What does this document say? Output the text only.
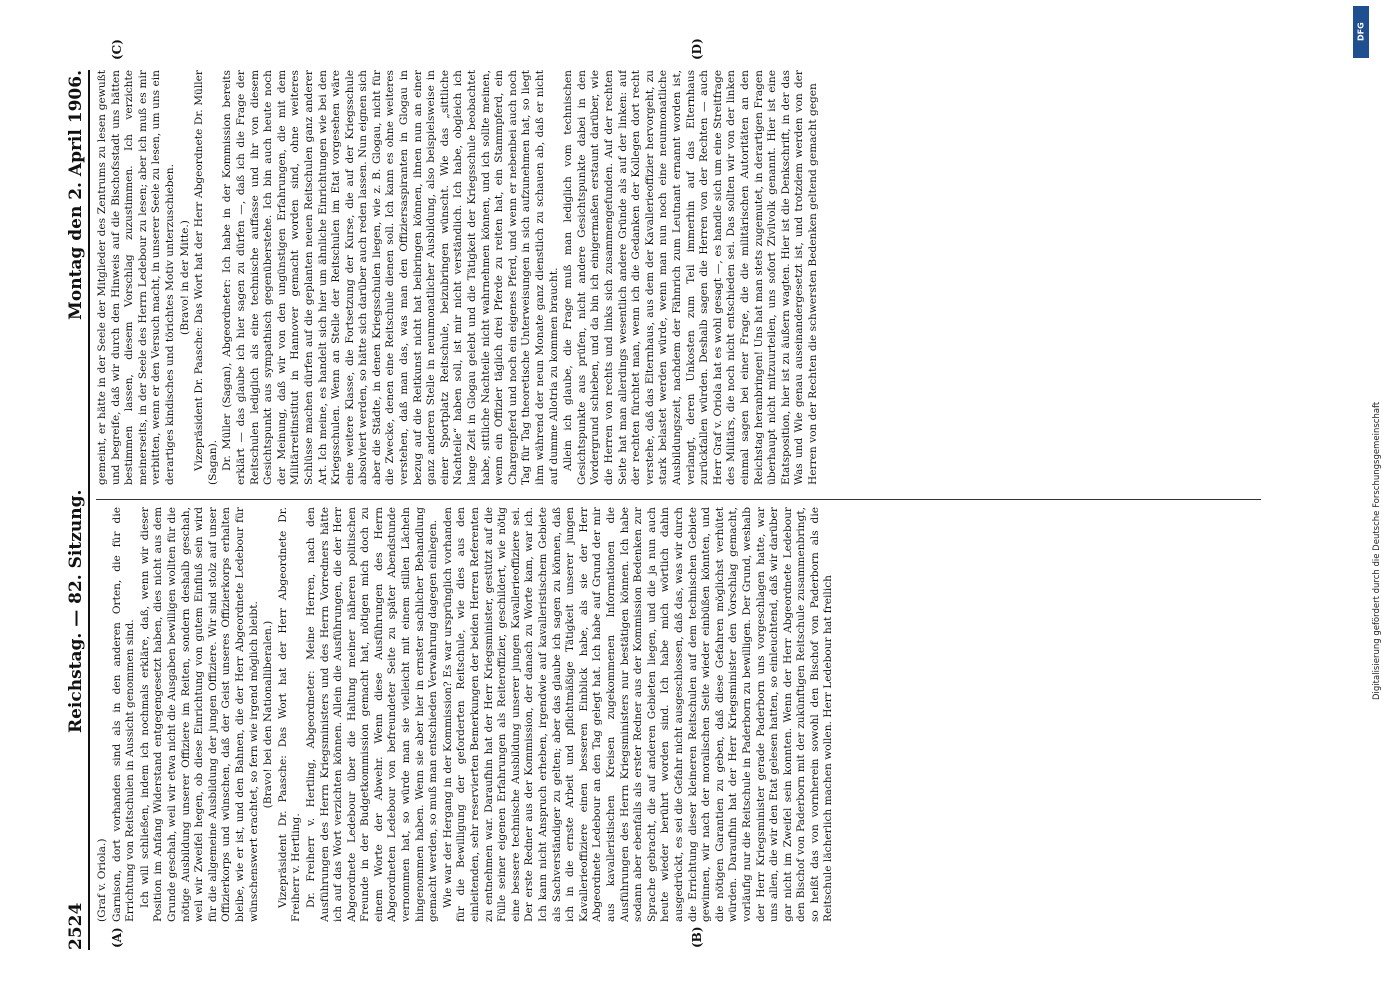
2524
Reichstag. — 82. Sitzung.
Montag den 2. April 1906.
(A)	(B)
(C)	(D)

(Graf v. Oriola.) Garnison, dort vorhanden sind als in den anderen Orten, die für die Errichtung von Reitschulen in Aussicht genommen sind. Ich will schließen, indem ich nochmals erkläre, daß, wenn wir dieser Position im Anfang Widerstand entgegengesetzt haben, dies nicht aus dem Grunde geschah, weil wir etwa nicht die Ausgaben bewilligen wollten für die nötige Ausbildung unserer Offiziere im Reiten, sondern deshalb geschah, weil wir Zweifel hegen, ob diese Einrichtung von gutem Einfluß sein wird für die allgemeine Ausbildung der jungen Offiziere. Wir sind stolz auf unser Offizierkorps und wünschen, daß der Geist unseres Offizierkorps erhalten bleibe, wie er ist, und den Bahnen, die der Herr Abgeordnete Ledebour für wünschenswert erachtet, so fern wie irgend möglich bleibt. (Bravo! bei den Nationalliberalen.) Vizepräsident Dr. Paasche: Das Wort hat der Herr Abgeordnete Dr. Freiherr v. Hertling. Dr. Freiherr v. Hertling, Abgeordneter: Meine Herren, nach den Ausführungen des Herrn Kriegsministers und des Herrn Vorredners hätte ich auf das Wort verzichten können. Allein die Ausführungen, die der Herr Abgeordnete Ledebour über die Haltung meiner näheren politischen Freunde in der Budgetkommission gemacht hat, nötigen mich doch zu einem Worte der Abwehr. Wenn diese Ausführungen des Herrn Abgeordneten Ledebour von befreundeter Seite zu später Abendstunde vernommen hat, so würde man sie vielleicht mit einem stillen Lächeln hingenommen haben. Wenn sie aber hier in ernster sachlicher Behandlung gemacht werden, so muß man entschieden Verwahrung dagegen einlegen. Wie war der Hergang in der Kommission? Es war ursprünglich vorhanden für die Bewilligung der geforderten Reitschule, wie dies aus den einleitenden, sehr reservierten Bemerkungen der beiden Herren Referenten zu entnehmen war. Daraufhin hat der Herr Kriegsminister, gestützt auf die Fülle seiner eigenen Erfahrungen als Reiteroffizier, geschildert, wie nötig eine bessere technische Ausbildung unserer jungen Kavallerieoffiziere sei. Der erste Redner aus der Kommission, der danach zu Worte kam, war ich. Ich kann nicht Anspruch erheben, irgendwie auf kavalleristischem Gebiete als Sachverständiger zu gelten; aber das glaube ich sagen zu können, daß ich in die ernste Arbeit und pflichtmäßige Tätigkeit unserer jungen Kavallerieoffiziere einen besseren Einblick habe, als sie der Herr Abgeordnete Ledebour an den Tag gelegt hat. Ich habe auf Grund der mir aus kavalleristischen Kreisen zugekommenen Informationen die Ausführungen des Herrn Kriegsministers nur bestätigen können. Ich habe sodann aber ebenfalls als erster Redner aus der Kommission Bedenken zur Sprache gebracht, die auf anderen Gebieten liegen, und die ja nun auch heute wieder berührt worden sind. Ich habe mich wörtlich dahin ausgedrückt, es sei die Gefahr nicht ausgeschlossen, daß das, was wir durch die Errichtung dieser kleineren Reitschulen auf dem technischen Gebiete gewinnen, wir nach der moralischen Seite wieder einbüßen könnten, und die nötigen Garantien zu geben, daß diese Gefahren möglichst verhütet würden. Daraufhin hat der Herr Kriegsminister den Vorschlag gemacht, vorläufig nur die Reitschule in Paderborn zu bewilligen. Der Grund, weshalb der Herr Kriegsminister gerade Paderborn uns vorgeschlagen hatte, war uns allen, die wir den Etat gelesen hatten, so einleuchtend, daß wir darüber gar nicht im Zweifel sein konnten. Wenn der Herr Abgeordnete Ledebour den Bischof von Paderborn mit der zukünftigen Reitschule zusammenbringt, so heißt das von vornherein sowohl den Bischof von Paderborn als die Reitschule lächerlich machen wollen. Herr Ledebour hat freilich

gemeint, er hätte in der Seele der Mitglieder des Zentrums zu lesen gewußt und begreife, daß wir durch den Hinweis auf die Bischofsstadt uns hätten bestimmen lassen, diesem Vorschlag zuzustimmen. Ich verzichte meinerseits, in der Seele des Herrn Ledebour zu lesen; aber ich muß es mir verbitten, wenn er den Versuch macht, in unserer Seele zu lesen, um uns ein derartiges kindisches und törichtes Motiv unterzuschieben. (Bravo! in der Mitte.) Vizepräsident Dr. Paasche: Das Wort hat der Herr Abgeordnete Dr. Müller (Sagan). Dr. Müller (Sagan), Abgeordneter: Ich habe in der Kommission bereits erklärt — das glaube ich hier sagen zu dürfen —, daß ich die Frage der Reitschulen lediglich als eine technische auffasse und ihr von diesem Gesichtspunkt aus sympathisch gegenüberstehe. Ich bin auch heute noch der Meinung, daß wir von den ungünstigen Erfahrungen, die mit dem Militärreitinstitut in Hannover gemacht worden sind, ohne weiteres Schlüsse machen dürfen auf die geplanten neuen Reitschulen ganz anderer Art. Ich meine, es handelt sich hier um ähnliche Einrichtungen wie bei den Kriegsschulen. Wenn an Stelle der Reitschulen im Etat vorgesehen wäre eine weitere Klasse, die Fortsetzung der Kurse, die auf der Kriegsschule absolviert werden, so hätte sich darüber auch reden lassen. Nun eignen sich aber die Städte, in denen Kriegsschulen liegen, wie z. B. Glogau, nicht für die Zwecke, denen eine Reitschule dienen soll. Ich kann es ohne weiteres verstehen, daß man das, was man den Offiziersaspiranten in Glogau in bezug auf die Reitkunst nicht hat beibringen können, ihnen nun an einer ganz anderen Stelle in neunmonatlicher Ausbildung, also beispielsweise in einer Sportplatz Reitschule, beizubringen wünscht. Wie das „sittliche Nachteile“ haben soll, ist mir nicht verständlich. Ich habe, obgleich ich lange Zeit in Glogau gelebt und die Tätigkeit der Kriegsschule beobachtet habe, sittliche Nachteile nicht wahrnehmen können, und ich sollte meinen, wenn ein Offizier täglich drei Pferde zu reiten hat, ein Stammpferd, ein Chargenpferd und noch ein eigenes Pferd, und wenn er nebenbei auch noch Tag für Tag theoretische Unterweisungen in sich aufzunehmen hat, so liegt ihm während der neun Monate ganz dienstlich zu schauen ab, daß er nicht auf dumme Allotria zu kommen braucht. Allein ich glaube, die Frage muß man lediglich vom technischen Gesichtspunkte aus prüfen, nicht andere Gesichtspunkte dabei in den Vordergrund schieben, und da bin ich einigermaßen erstaunt darüber, wie die Herren von rechts und links sich zusammengefunden. Auf der rechten Seite hat man allerdings wesentlich andere Gründe als auf der linken: auf der rechten fürchtet man, wenn ich die Gedanken der Kollegen dort recht verstehe, daß das Elternhaus, aus dem der Kavallerieoffizier hervorgeht, zu stark belastet werden würde, wenn man nun noch eine neunmonatliche Ausbildungszeit, nachdem der Fähnrich zum Leutnant ernannt worden ist, verlangt, deren Unkosten zum Teil immerhin auf das Elternhaus zurückfallen würden. Deshalb sagen die Herren von der Rechten — auch Herr Graf v. Oriola hat es wohl gesagt —, es handle sich um eine Streitfrage des Militärs, die noch nicht entschieden sei. Das sollten wir von der linken einmal sagen bei einer Frage, die die militärischen Autoritäten an den Reichstag heranbringen! Uns hat man stets zugemutet, in derartigen Fragen überhaupt nicht mitzuurteilen, uns sofort Zivilvolk genannt. Hier ist eine Etatsposition, hier ist zu äußern wagten. Hier ist die Denkschrift, in der das Was und Wie genau auseinandergesetzt ist, und trotzdem werden von der Herren von der Rechten die schwersten Bedenken geltend gemacht gegen

DFG
Digitalisierung gefördert durch die Deutsche Forschungsgemeinschaft
